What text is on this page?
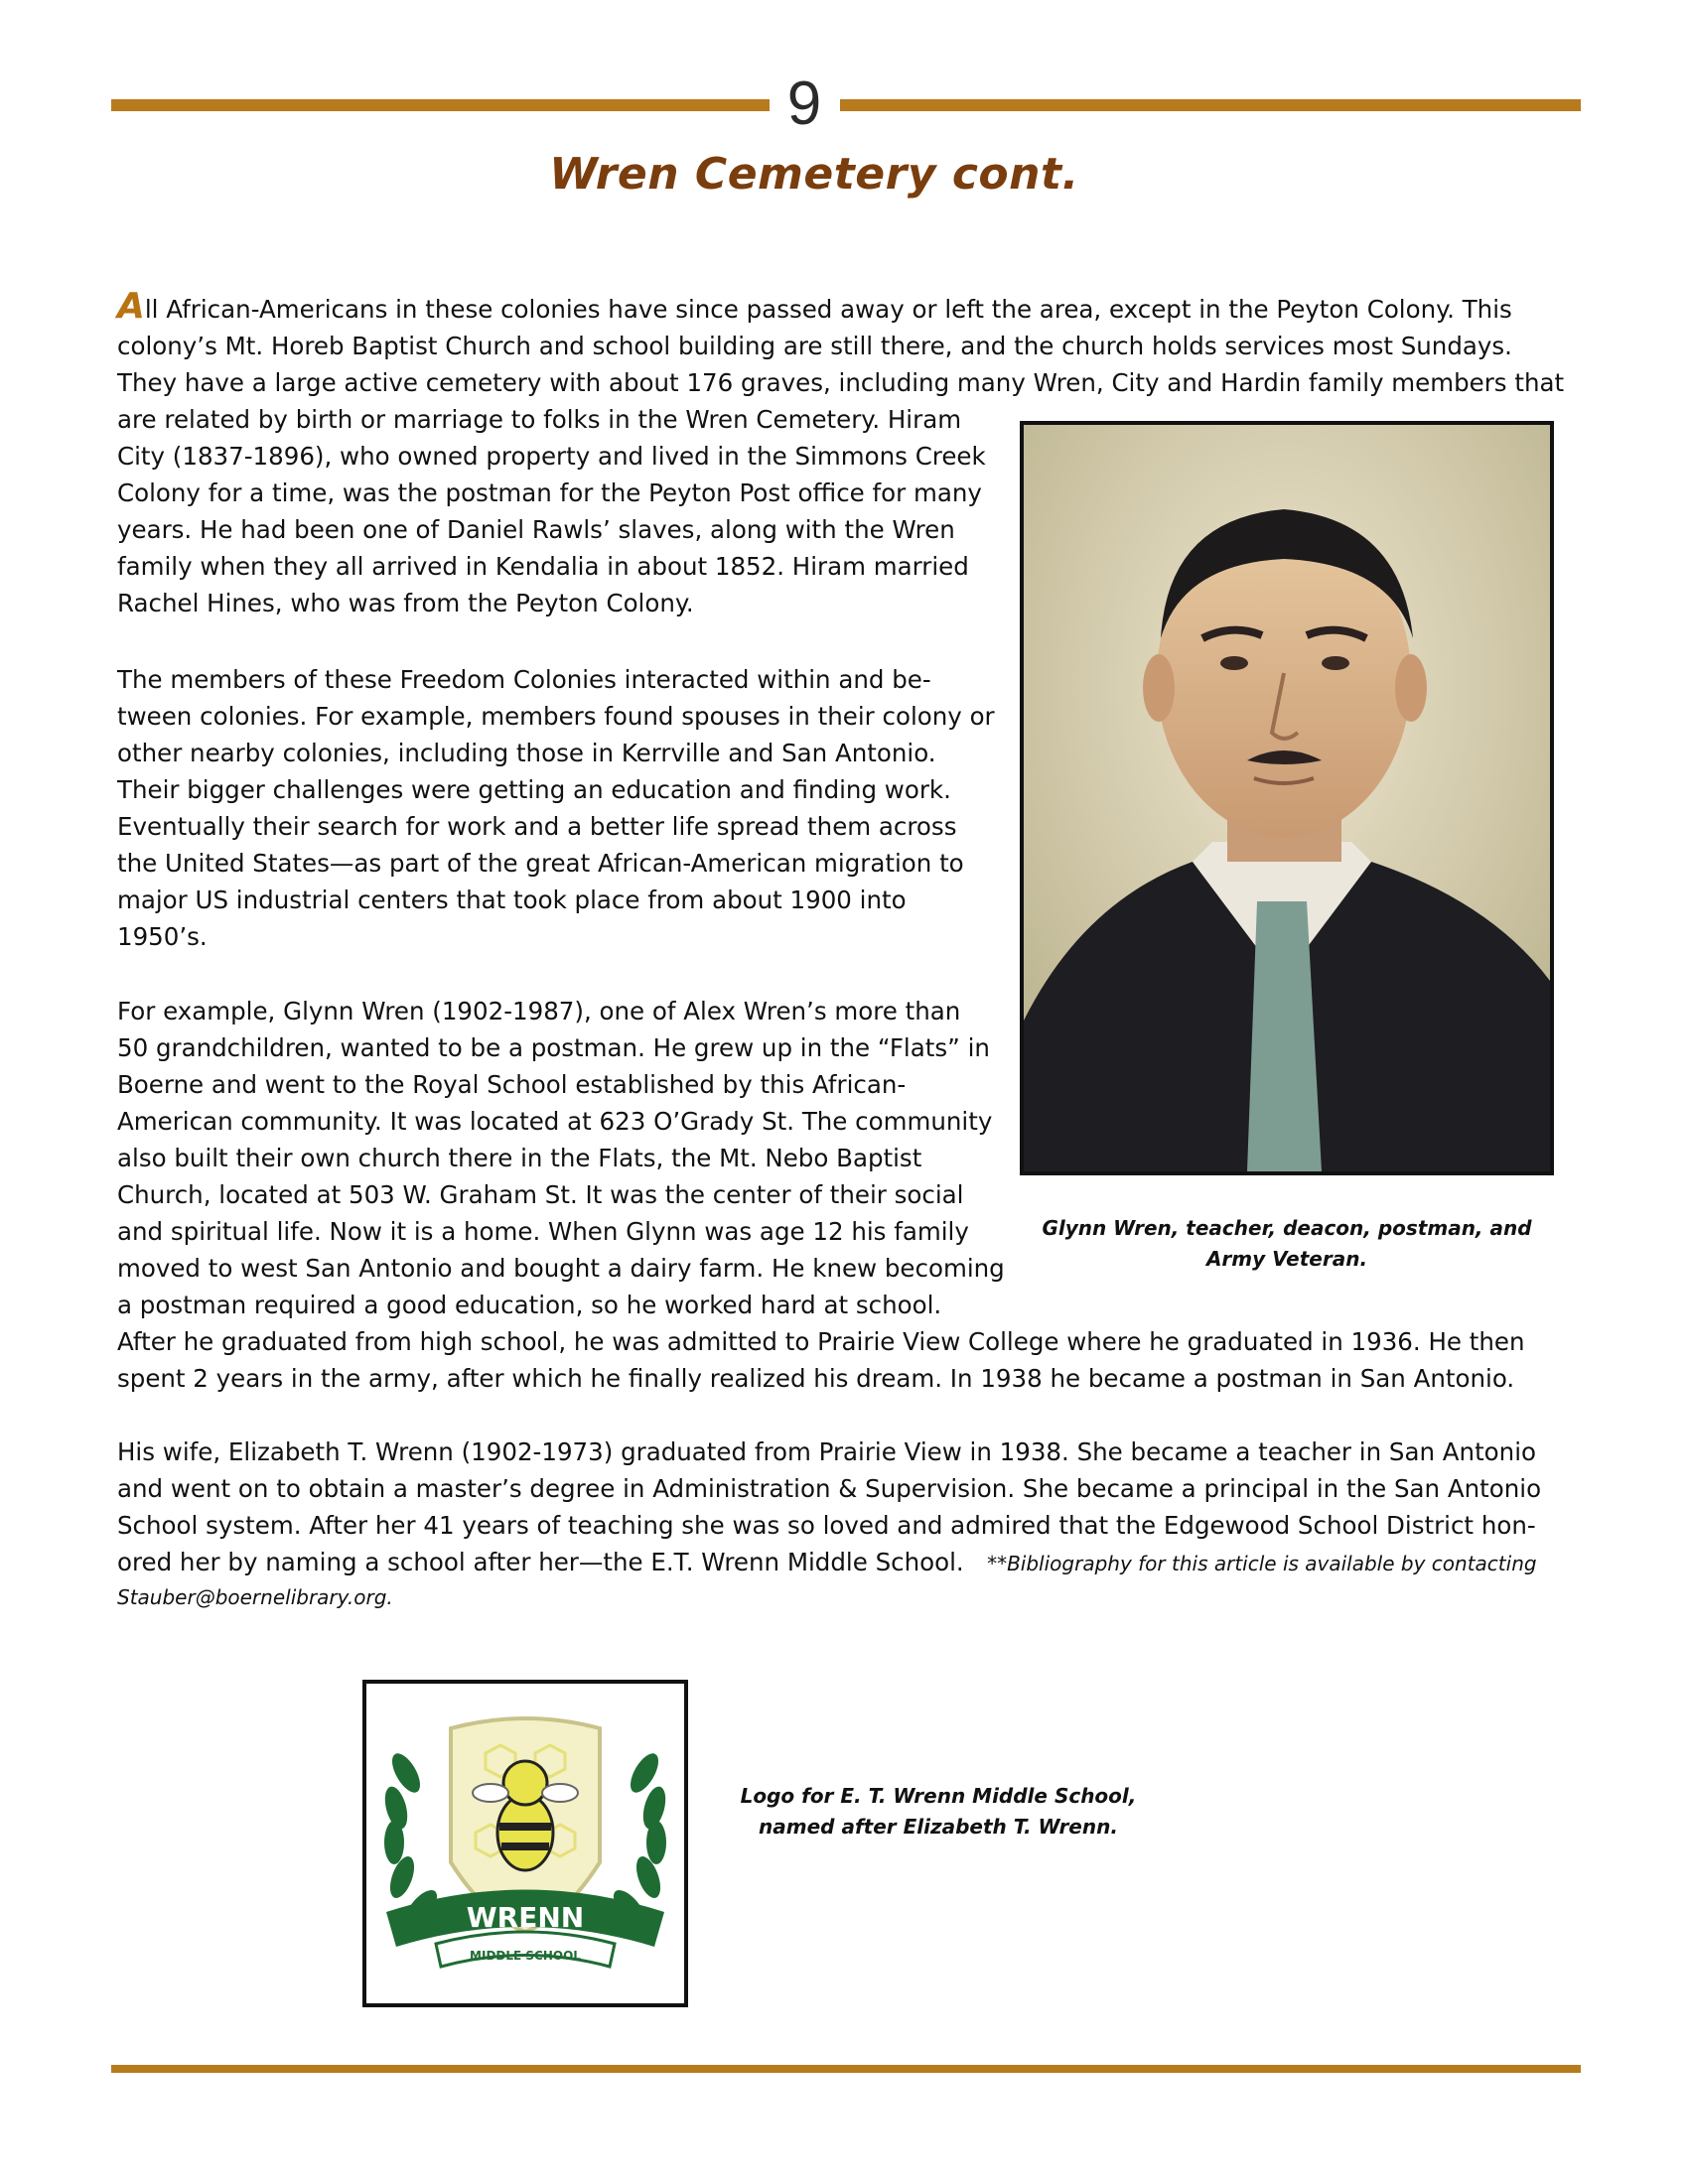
9
Wren Cemetery cont.
All African-Americans in these colonies have since passed away or left the area, except in the Peyton Colony. This
colony’s Mt. Horeb Baptist Church and school building are still there, and the church holds services most Sundays.
They have a large active cemetery with about 176 graves, including many Wren, City and Hardin family members that
are related by birth or marriage to folks in the Wren Cemetery. Hiram
City (1837-1896), who owned property and lived in the Simmons Creek
Colony for a time, was the postman for the Peyton Post office for many
years. He had been one of Daniel Rawls’ slaves, along with the Wren
family when they all arrived in Kendalia in about 1852. Hiram married
Rachel Hines, who was from the Peyton Colony.
The members of these Freedom Colonies interacted within and be-
tween colonies. For example, members found spouses in their colony or
other nearby colonies, including those in Kerrville and San Antonio.
Their bigger challenges were getting an education and finding work.
Eventually their search for work and a better life spread them across
the United States—as part of the great African-American migration to
major US industrial centers that took place from about 1900 into
1950’s.
For example, Glynn Wren (1902-1987), one of Alex Wren’s more than
50 grandchildren, wanted to be a postman. He grew up in the “Flats” in
Boerne and went to the Royal School established by this African-
American community. It was located at 623 O’Grady St. The community
also built their own church there in the Flats, the Mt. Nebo Baptist
Church, located at 503 W. Graham St. It was the center of their social
and spiritual life. Now it is a home. When Glynn was age 12 his family
moved to west San Antonio and bought a dairy farm. He knew becoming
a postman required a good education, so he worked hard at school.
After he graduated from high school, he was admitted to Prairie View College where he graduated in 1936. He then
spent 2 years in the army, after which he finally realized his dream. In 1938 he became a postman in San Antonio.
His wife, Elizabeth T. Wrenn (1902-1973) graduated from Prairie View in 1938. She became a teacher in San Antonio
and went on to obtain a master’s degree in Administration & Supervision. She became a principal in the San Antonio
School system. After her 41 years of teaching she was so loved and admired that the Edgewood School District hon-
ored her by naming a school after her—the E.T. Wrenn Middle School. **Bibliography for this article is available by contacting
Stauber@boernelibrary.org.
Glynn Wren, teacher, deacon, postman, and
Army Veteran.
WRENN
MIDDLE SCHOOL
Logo for E. T. Wrenn Middle School,
named after Elizabeth T. Wrenn.
